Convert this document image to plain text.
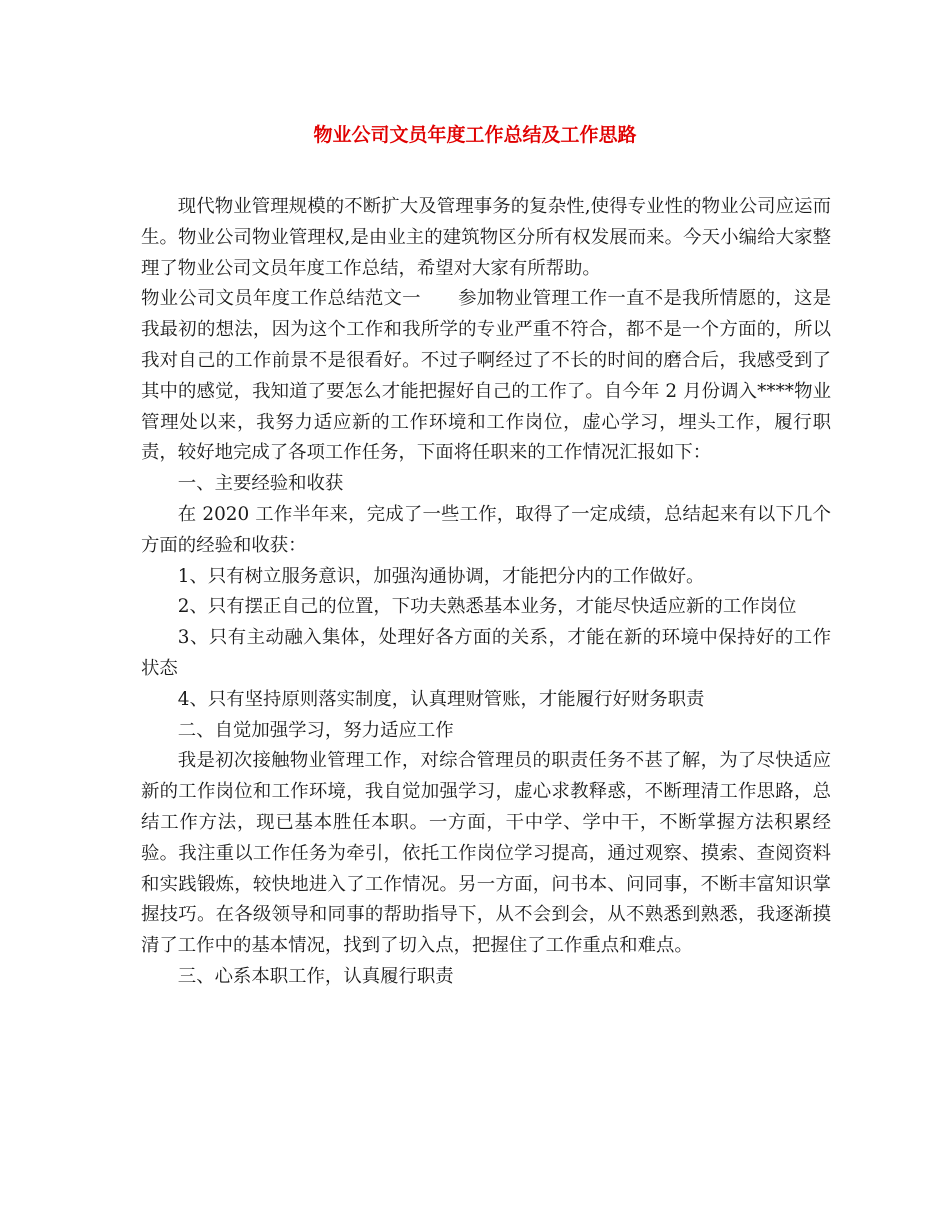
物业公司文员年度工作总结及工作思路

现代物业管理规模的不断扩大及管理事务的复杂性,使得专业性的物业公司应运而生。物业公司物业管理权,是由业主的建筑物区分所有权发展而来。今天小编给大家整理了物业公司文员年度工作总结，希望对大家有所帮助。

物业公司文员年度工作总结范文一　　参加物业管理工作一直不是我所情愿的，这是我最初的想法，因为这个工作和我所学的专业严重不符合，都不是一个方面的，所以我对自己的工作前景不是很看好。不过子啊经过了不长的时间的磨合后，我感受到了其中的感觉，我知道了要怎么才能把握好自己的工作了。自今年 2 月份调入****物业管理处以来，我努力适应新的工作环境和工作岗位，虚心学习，埋头工作，履行职责，较好地完成了各项工作任务，下面将任职来的工作情况汇报如下：

一、主要经验和收获

在 2020 工作半年来，完成了一些工作，取得了一定成绩，总结起来有以下几个方面的经验和收获：

1、只有树立服务意识，加强沟通协调，才能把分内的工作做好。

2、只有摆正自己的位置，下功夫熟悉基本业务，才能尽快适应新的工作岗位

3、只有主动融入集体，处理好各方面的关系，才能在新的环境中保持好的工作状态

4、只有坚持原则落实制度，认真理财管账，才能履行好财务职责

二、自觉加强学习，努力适应工作

我是初次接触物业管理工作，对综合管理员的职责任务不甚了解，为了尽快适应新的工作岗位和工作环境，我自觉加强学习，虚心求教释惑，不断理清工作思路，总结工作方法，现已基本胜任本职。一方面，干中学、学中干，不断掌握方法积累经验。我注重以工作任务为牵引，依托工作岗位学习提高，通过观察、摸索、查阅资料和实践锻炼，较快地进入了工作情况。另一方面，问书本、问同事，不断丰富知识掌握技巧。在各级领导和同事的帮助指导下，从不会到会，从不熟悉到熟悉，我逐渐摸清了工作中的基本情况，找到了切入点，把握住了工作重点和难点。

三、心系本职工作，认真履行职责
